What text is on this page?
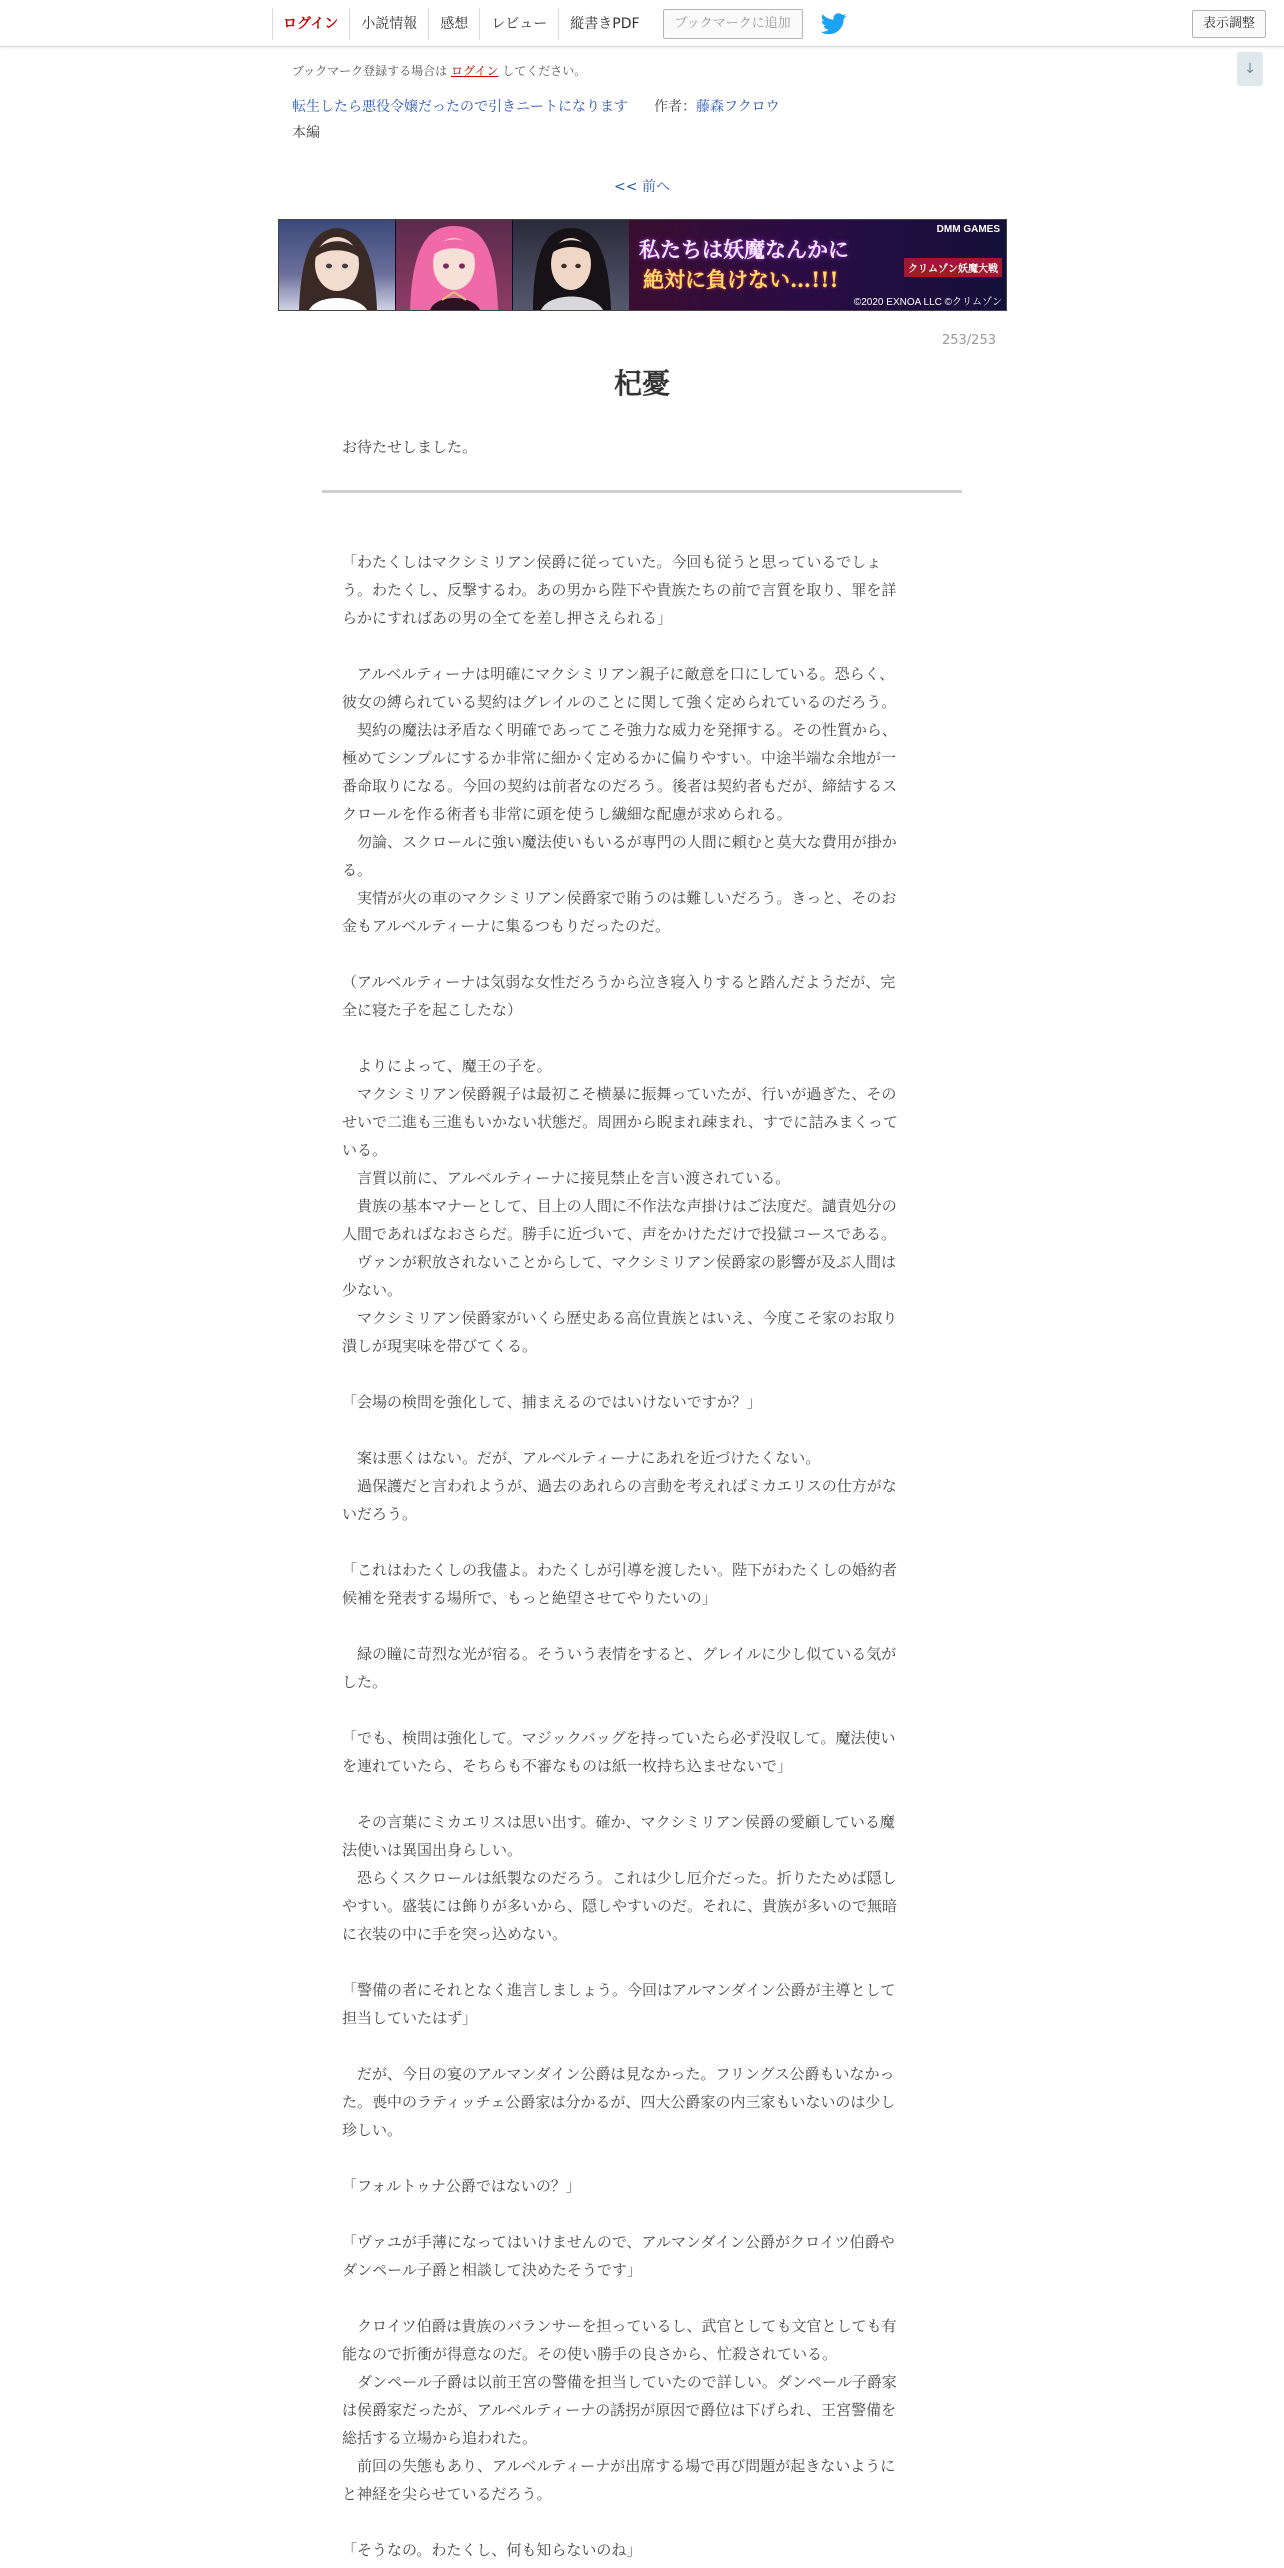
ログイン	小説情報	感想	レビュー	縦書きPDF	ブックマークに追加	表示調整
↓
ブックマーク登録する場合は ログイン してください。
転生したら悪役令嬢だったので引きニートになります 作者：藤森フクロウ
本編
<< 前へ
DMM GAMES
私たちは妖魔なんかに
絶対に負けない…!!!	クリムゾン妖魔大戦
©2020 EXNOA LLC ©クリムゾン
253/253
杞憂
お待たせしました。

「わたくしはマクシミリアン侯爵に従っていた。今回も従うと思っているでしょ

う。わたくし、反撃するわ。あの男から陛下や貴族たちの前で言質を取り、罪を詳

らかにすればあの男の全てを差し押さえられる」

　アルベルティーナは明確にマクシミリアン親子に敵意を口にしている。恐らく、

彼女の縛られている契約はグレイルのことに関して強く定められているのだろう。

　契約の魔法は矛盾なく明確であってこそ強力な威力を発揮する。その性質から、

極めてシンプルにするか非常に細かく定めるかに偏りやすい。中途半端な余地が一

番命取りになる。今回の契約は前者なのだろう。後者は契約者もだが、締結するス

クロールを作る術者も非常に頭を使うし繊細な配慮が求められる。

　勿論、スクロールに強い魔法使いもいるが専門の人間に頼むと莫大な費用が掛か

る。

　実情が火の車のマクシミリアン侯爵家で賄うのは難しいだろう。きっと、そのお

金もアルベルティーナに集るつもりだったのだ。

（アルベルティーナは気弱な女性だろうから泣き寝入りすると踏んだようだが、完

全に寝た子を起こしたな）

　よりによって、魔王の子を。

　マクシミリアン侯爵親子は最初こそ横暴に振舞っていたが、行いが過ぎた、その

せいで二進も三進もいかない状態だ。周囲から睨まれ疎まれ、すでに詰みまくって

いる。

　言質以前に、アルベルティーナに接見禁止を言い渡されている。

　貴族の基本マナーとして、目上の人間に不作法な声掛けはご法度だ。譴責処分の

人間であればなおさらだ。勝手に近づいて、声をかけただけで投獄コースである。

　ヴァンが釈放されないことからして、マクシミリアン侯爵家の影響が及ぶ人間は

少ない。

　マクシミリアン侯爵家がいくら歴史ある高位貴族とはいえ、今度こそ家のお取り

潰しが現実味を帯びてくる。

「会場の検問を強化して、捕まえるのではいけないですか？」

　案は悪くはない。だが、アルベルティーナにあれを近づけたくない。

　過保護だと言われようが、過去のあれらの言動を考えればミカエリスの仕方がな

いだろう。

「これはわたくしの我儘よ。わたくしが引導を渡したい。陛下がわたくしの婚約者

候補を発表する場所で、もっと絶望させてやりたいの」

　緑の瞳に苛烈な光が宿る。そういう表情をすると、グレイルに少し似ている気が

した。

「でも、検問は強化して。マジックバッグを持っていたら必ず没収して。魔法使い

を連れていたら、そちらも不審なものは紙一枚持ち込ませないで」

　その言葉にミカエリスは思い出す。確か、マクシミリアン侯爵の愛顧している魔

法使いは異国出身らしい。

　恐らくスクロールは紙製なのだろう。これは少し厄介だった。折りたためば隠し

やすい。盛装には飾りが多いから、隠しやすいのだ。それに、貴族が多いので無暗

に衣装の中に手を突っ込めない。

「警備の者にそれとなく進言しましょう。今回はアルマンダイン公爵が主導として

担当していたはず」

　だが、今日の宴のアルマンダイン公爵は見なかった。フリングス公爵もいなかっ

た。喪中のラティッチェ公爵家は分かるが、四大公爵家の内三家もいないのは少し

珍しい。

「フォルトゥナ公爵ではないの？」

「ヴァユが手薄になってはいけませんので、アルマンダイン公爵がクロイツ伯爵や

ダンペール子爵と相談して決めたそうです」

　クロイツ伯爵は貴族のバランサーを担っているし、武官としても文官としても有

能なので折衝が得意なのだ。その使い勝手の良さから、忙殺されている。

　ダンペール子爵は以前王宮の警備を担当していたので詳しい。ダンペール子爵家

は侯爵家だったが、アルベルティーナの誘拐が原因で爵位は下げられ、王宮警備を

総括する立場から追われた。

　前回の失態もあり、アルベルティーナが出席する場で再び問題が起きないように

と神経を尖らせているだろう。

「そうなの。わたくし、何も知らないのね」
